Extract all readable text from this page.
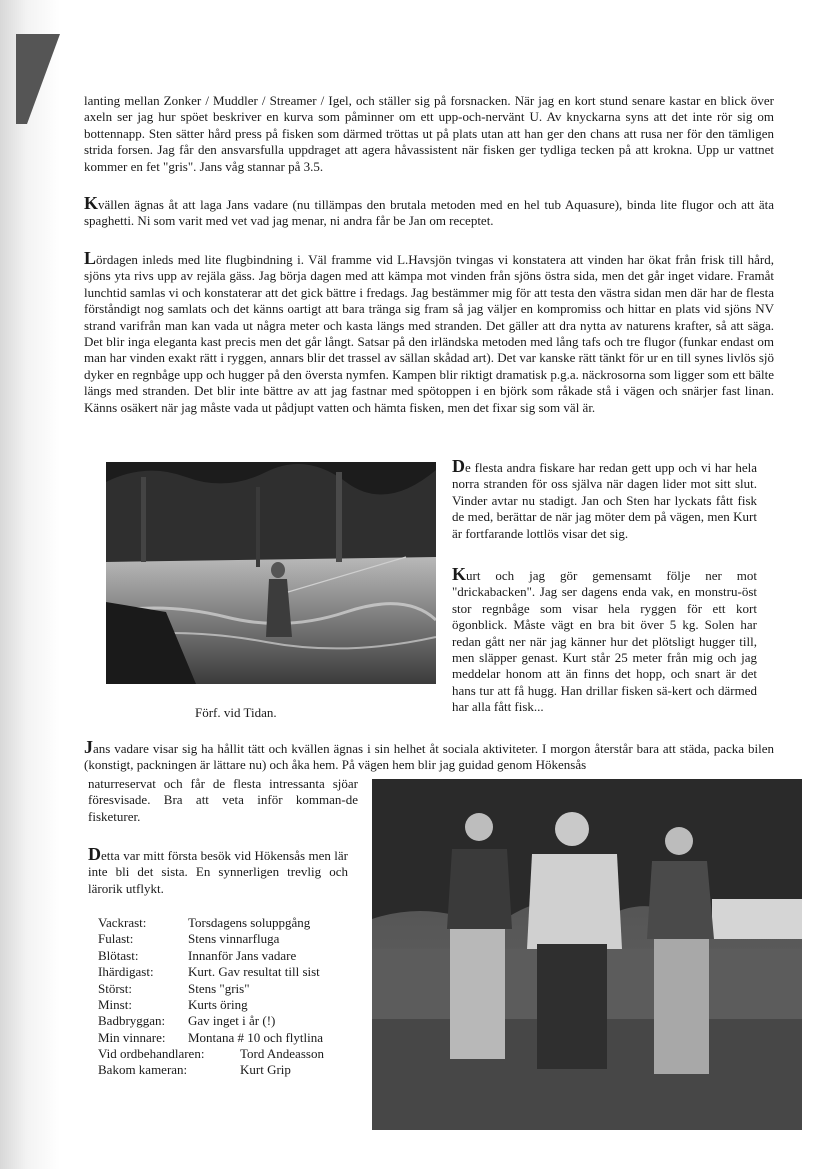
lanting mellan Zonker / Muddler / Streamer / Igel, och ställer sig på forsnacken. När jag en kort stund senare kastar en blick över axeln ser jag hur spöet beskriver en kurva som påminner om ett upp-och-nervänt U. Av knyckarna syns att det inte rör sig om bottennapp. Sten sätter hård press på fisken som därmed tröttas ut på plats utan att han ger den chans att rusa ner för den tämligen strida forsen. Jag får den ansvarsfulla uppdraget att agera håvassistent när fisken ger tydliga tecken på att krokna. Upp ur vattnet kommer en fet "gris". Jans våg stannar på 3.5.

Kvällen ägnas åt att laga Jans vadare (nu tillämpas den brutala metoden med en hel tub Aquasure), binda lite flugor och att äta spaghetti. Ni som varit med vet vad jag menar, ni andra får be Jan om receptet.

Lördagen inleds med lite flugbindning i. Väl framme vid L.Havsjön tvingas vi konstatera att vinden har ökat från frisk till hård, sjöns yta rivs upp av rejäla gäss. Jag börja dagen med att kämpa mot vinden från sjöns östra sida, men det går inget vidare. Framåt lunchtid samlas vi och konstaterar att det gick bättre i fredags. Jag bestämmer mig för att testa den västra sidan men där har de flesta förståndigt nog samlats och det känns oartigt att bara tränga sig fram så jag väljer en kompromiss och hittar en plats vid sjöns NV strand varifrån man kan vada ut några meter och kasta längs med stranden. Det gäller att dra nytta av naturens krafter, så att säga. Det blir inga eleganta kast precis men det går långt. Satsar på den irländska metoden med lång tafs och tre flugor (funkar endast om man har vinden exakt rätt i ryggen, annars blir det trassel av sällan skådad art). Det var kanske rätt tänkt för ur en till synes livlös sjö dyker en regnbåge upp och hugger på den översta nymfen. Kampen blir riktigt dramatisk p.g.a. näckrosorna som ligger som ett bälte längs med stranden. Det blir inte bättre av att jag fastnar med spötoppen i en björk som råkade stå i vägen och snärjer fast linan. Känns osäkert när jag måste vada ut pådjupt vatten och hämta fisken, men det fixar sig som väl är.

Förf. vid Tidan.

De flesta andra fiskare har redan gett upp och vi har hela norra stranden för oss själva när dagen lider mot sitt slut. Vinder avtar nu stadigt. Jan och Sten har lyckats fått fisk de med, berättar de när jag möter dem på vägen, men Kurt är fortfarande lottlös visar det sig.

Kurt och jag gör gemensamt följe ner mot "drickabacken". Jag ser dagens enda vak, en monstru-öst stor regnbåge som visar hela ryggen för ett kort ögonblick. Måste vägt en bra bit över 5 kg. Solen har redan gått ner när jag känner hur det plötsligt hugger till, men släpper genast. Kurt står 25 meter från mig och jag meddelar honom att än finns det hopp, och snart är det hans tur att få hugg. Han drillar fisken sä-kert och därmed har alla fått fisk...

Jans vadare visar sig ha hållit tätt och kvällen ägnas i sin helhet åt sociala aktiviteter. I morgon återstår bara att städa, packa bilen (konstigt, packningen är lättare nu) och åka hem. På vägen hem blir jag guidad genom Hökensås

naturreservat och får de flesta intressanta sjöar föresvisade. Bra att veta inför komman-de fisketurer.

Detta var mitt första besök vid Hökensås men lär inte bli det sista. En synnerligen trevlig och lärorik utflykt.

Vackrast:	Torsdagens soluppgång
Fulast:	Stens vinnarfluga
Blötast:	Innanför Jans vadare
Ihärdigast:	Kurt. Gav resultat till sist
Störst:	Stens "gris"
Minst:	Kurts öring
Badbryggan:	Gav inget i år (!)
Min vinnare:	Montana # 10 och flytlina
Vid ordbehandlaren:	Tord Andeasson
Bakom kameran:	Kurt Grip
